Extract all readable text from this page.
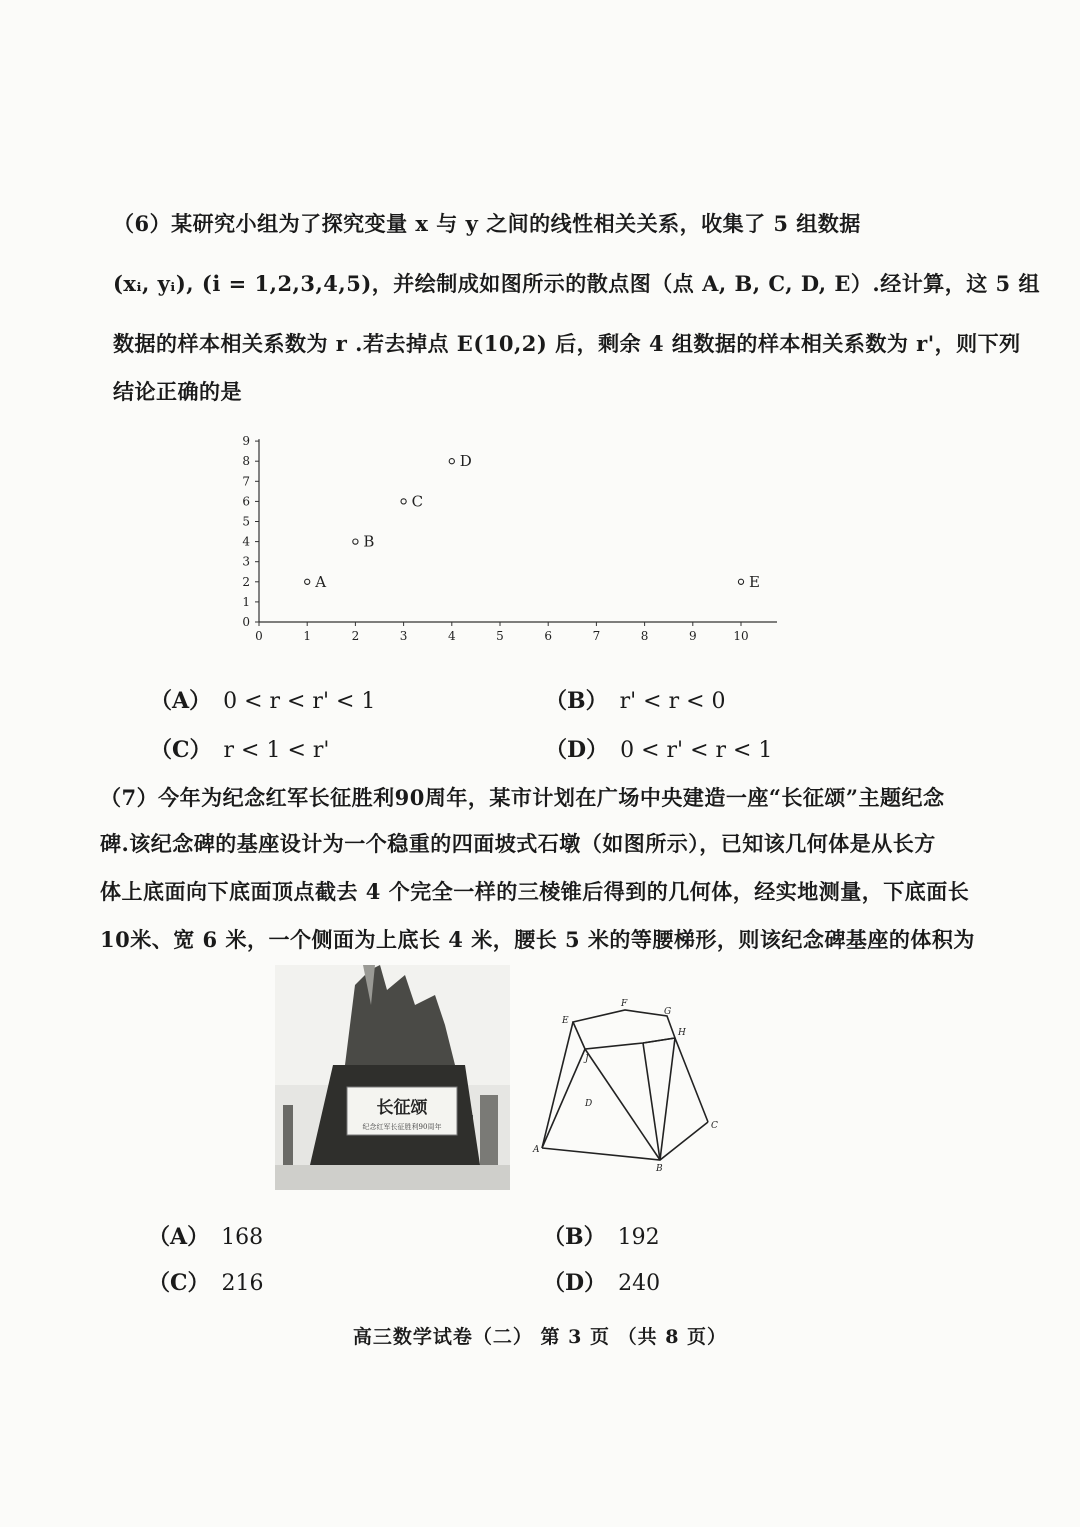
（6）某研究小组为了探究变量 x 与 y 之间的线性相关关系，收集了 5 组数据
(xᵢ, yᵢ), (i = 1,2,3,4,5)，并绘制成如图所示的散点图（点 A, B, C, D, E）.经计算，这 5 组
数据的样本相关系数为 r .若去掉点 E(10,2) 后，剩余 4 组数据的样本相关系数为 r'，则下列
结论正确的是
0	1	2	3	4	5	6	7	8	9	10
0
1
2
3
4
5
6
7
8
9
A
B
C
D
E
（A） 0 < r < r' < 1	（B） r' < r < 0
（C） r < 1 < r'	（D） 0 < r' < r < 1
（7）今年为纪念红军长征胜利90周年，某市计划在广场中央建造一座“长征颂”主题纪念
碑.该纪念碑的基座设计为一个稳重的四面坡式石墩（如图所示），已知该几何体是从长方
体上底面向下底面顶点截去 4 个完全一样的三棱锥后得到的几何体，经实地测量，下底面长
10米、宽 6 米，一个侧面为上底长 4 米，腰长 5 米的等腰梯形，则该纪念碑基座的体积为
长征颂
纪念红军长征胜利90周年
E
F
G
H
J
D
A
B
C
（A） 168	（B） 192
（C） 216	（D） 240
高三数学试卷（二） 第 3 页 （共 8 页）
